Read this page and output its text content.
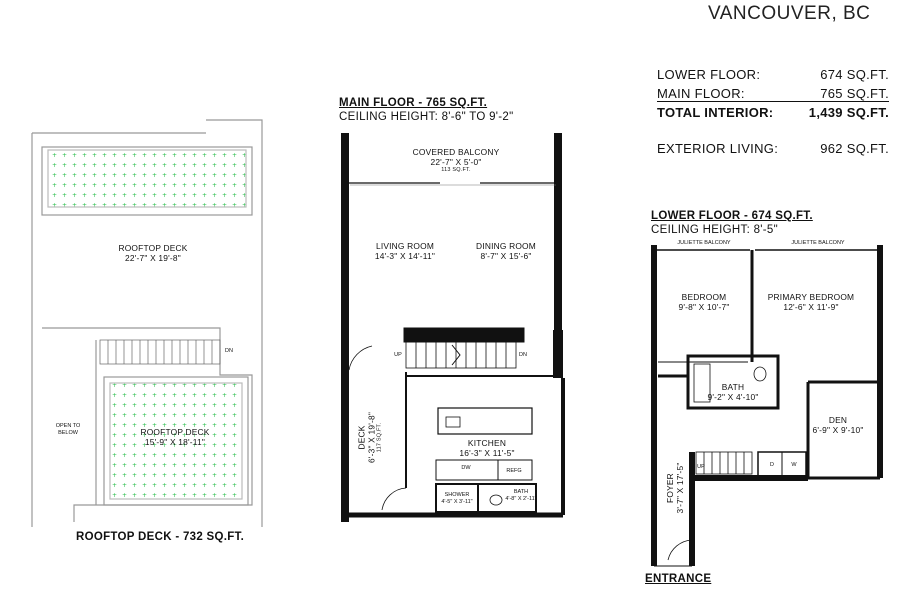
VANCOUVER, BC
LOWER FLOOR:	674 SQ.FT.
MAIN FLOOR:	765 SQ.FT.
TOTAL INTERIOR:	1,439 SQ.FT.
EXTERIOR LIVING:	962 SQ.FT.
MAIN FLOOR - 765 SQ.FT.
CEILING HEIGHT: 8'-6" TO 9'-2"
LOWER FLOOR - 674 SQ.FT.
CEILING HEIGHT: 8'-5"
ROOFTOP DECK
22'-7" X 19'-8"
ROOFTOP DECK
15'-9" X 18'-11"
OPEN TO BELOW
DN
ROOFTOP DECK - 732 SQ.FT.
COVERED BALCONY
22'-7" X 5'-0"
113 SQ.FT.
LIVING ROOM
14'-3" X 14'-11"
DINING ROOM
8'-7" X 15'-6"
DECK 6'-3" X 19'-8" 117 SQ.FT.	KITCHEN
16'-3" X 11'-5"
DW	REFG
SHOWER
4'-5" X 3'-11"
BATH
4'-8" X 2'-11"
UP	DN
JULIETTE BALCONY	JULIETTE BALCONY
BEDROOM
9'-8" X 10'-7"
PRIMARY BEDROOM
12'-6" X 11'-9"
BATH
9'-2" X 4'-10"
DEN
6'-9" X 9'-10"
FOYER 3'-7" X 17'-5"	D	W
UP
ENTRANCE
